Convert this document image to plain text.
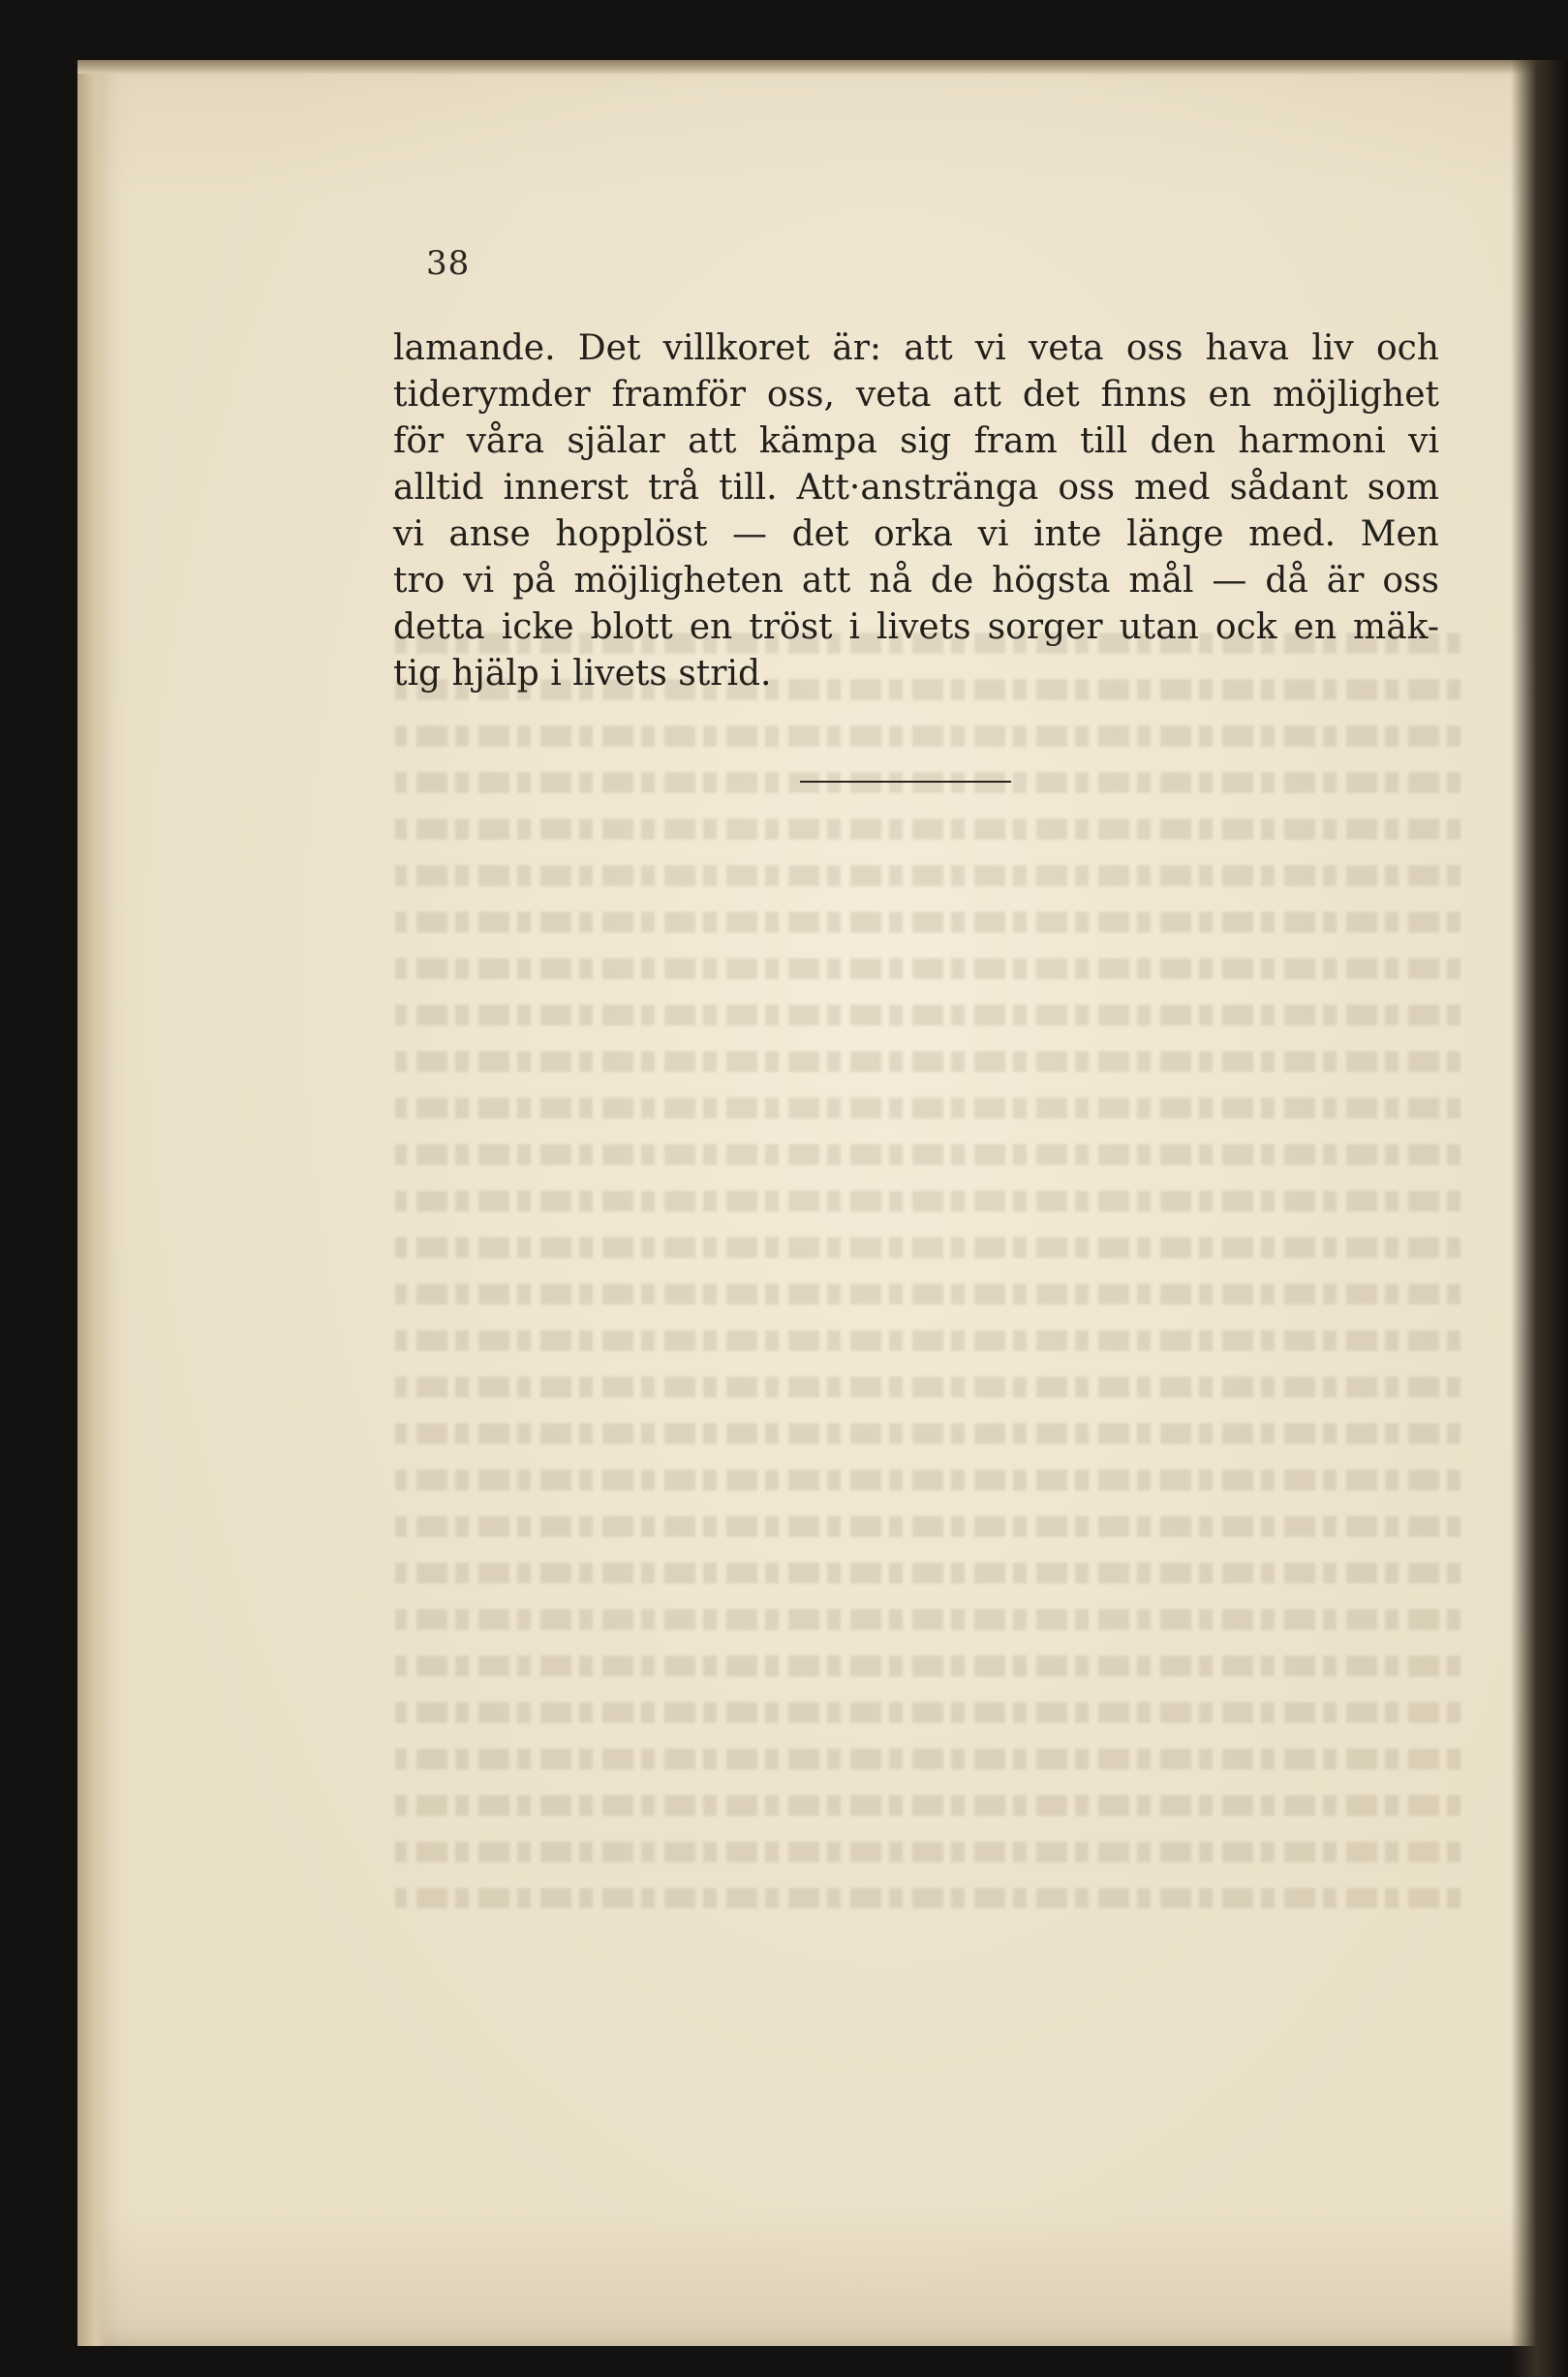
38
lamande. Det villkoret är: att vi veta oss hava liv och
tiderymder framför oss, veta att det finns en möjlighet
för våra själar att kämpa sig fram till den harmoni vi
alltid innerst trå till. Att·anstränga oss med sådant som
vi anse hopplöst — det orka vi inte länge med. Men
tro vi på möjligheten att nå de högsta mål — då är oss
detta icke blott en tröst i livets sorger utan ock en mäk-
tig hjälp i livets strid.
